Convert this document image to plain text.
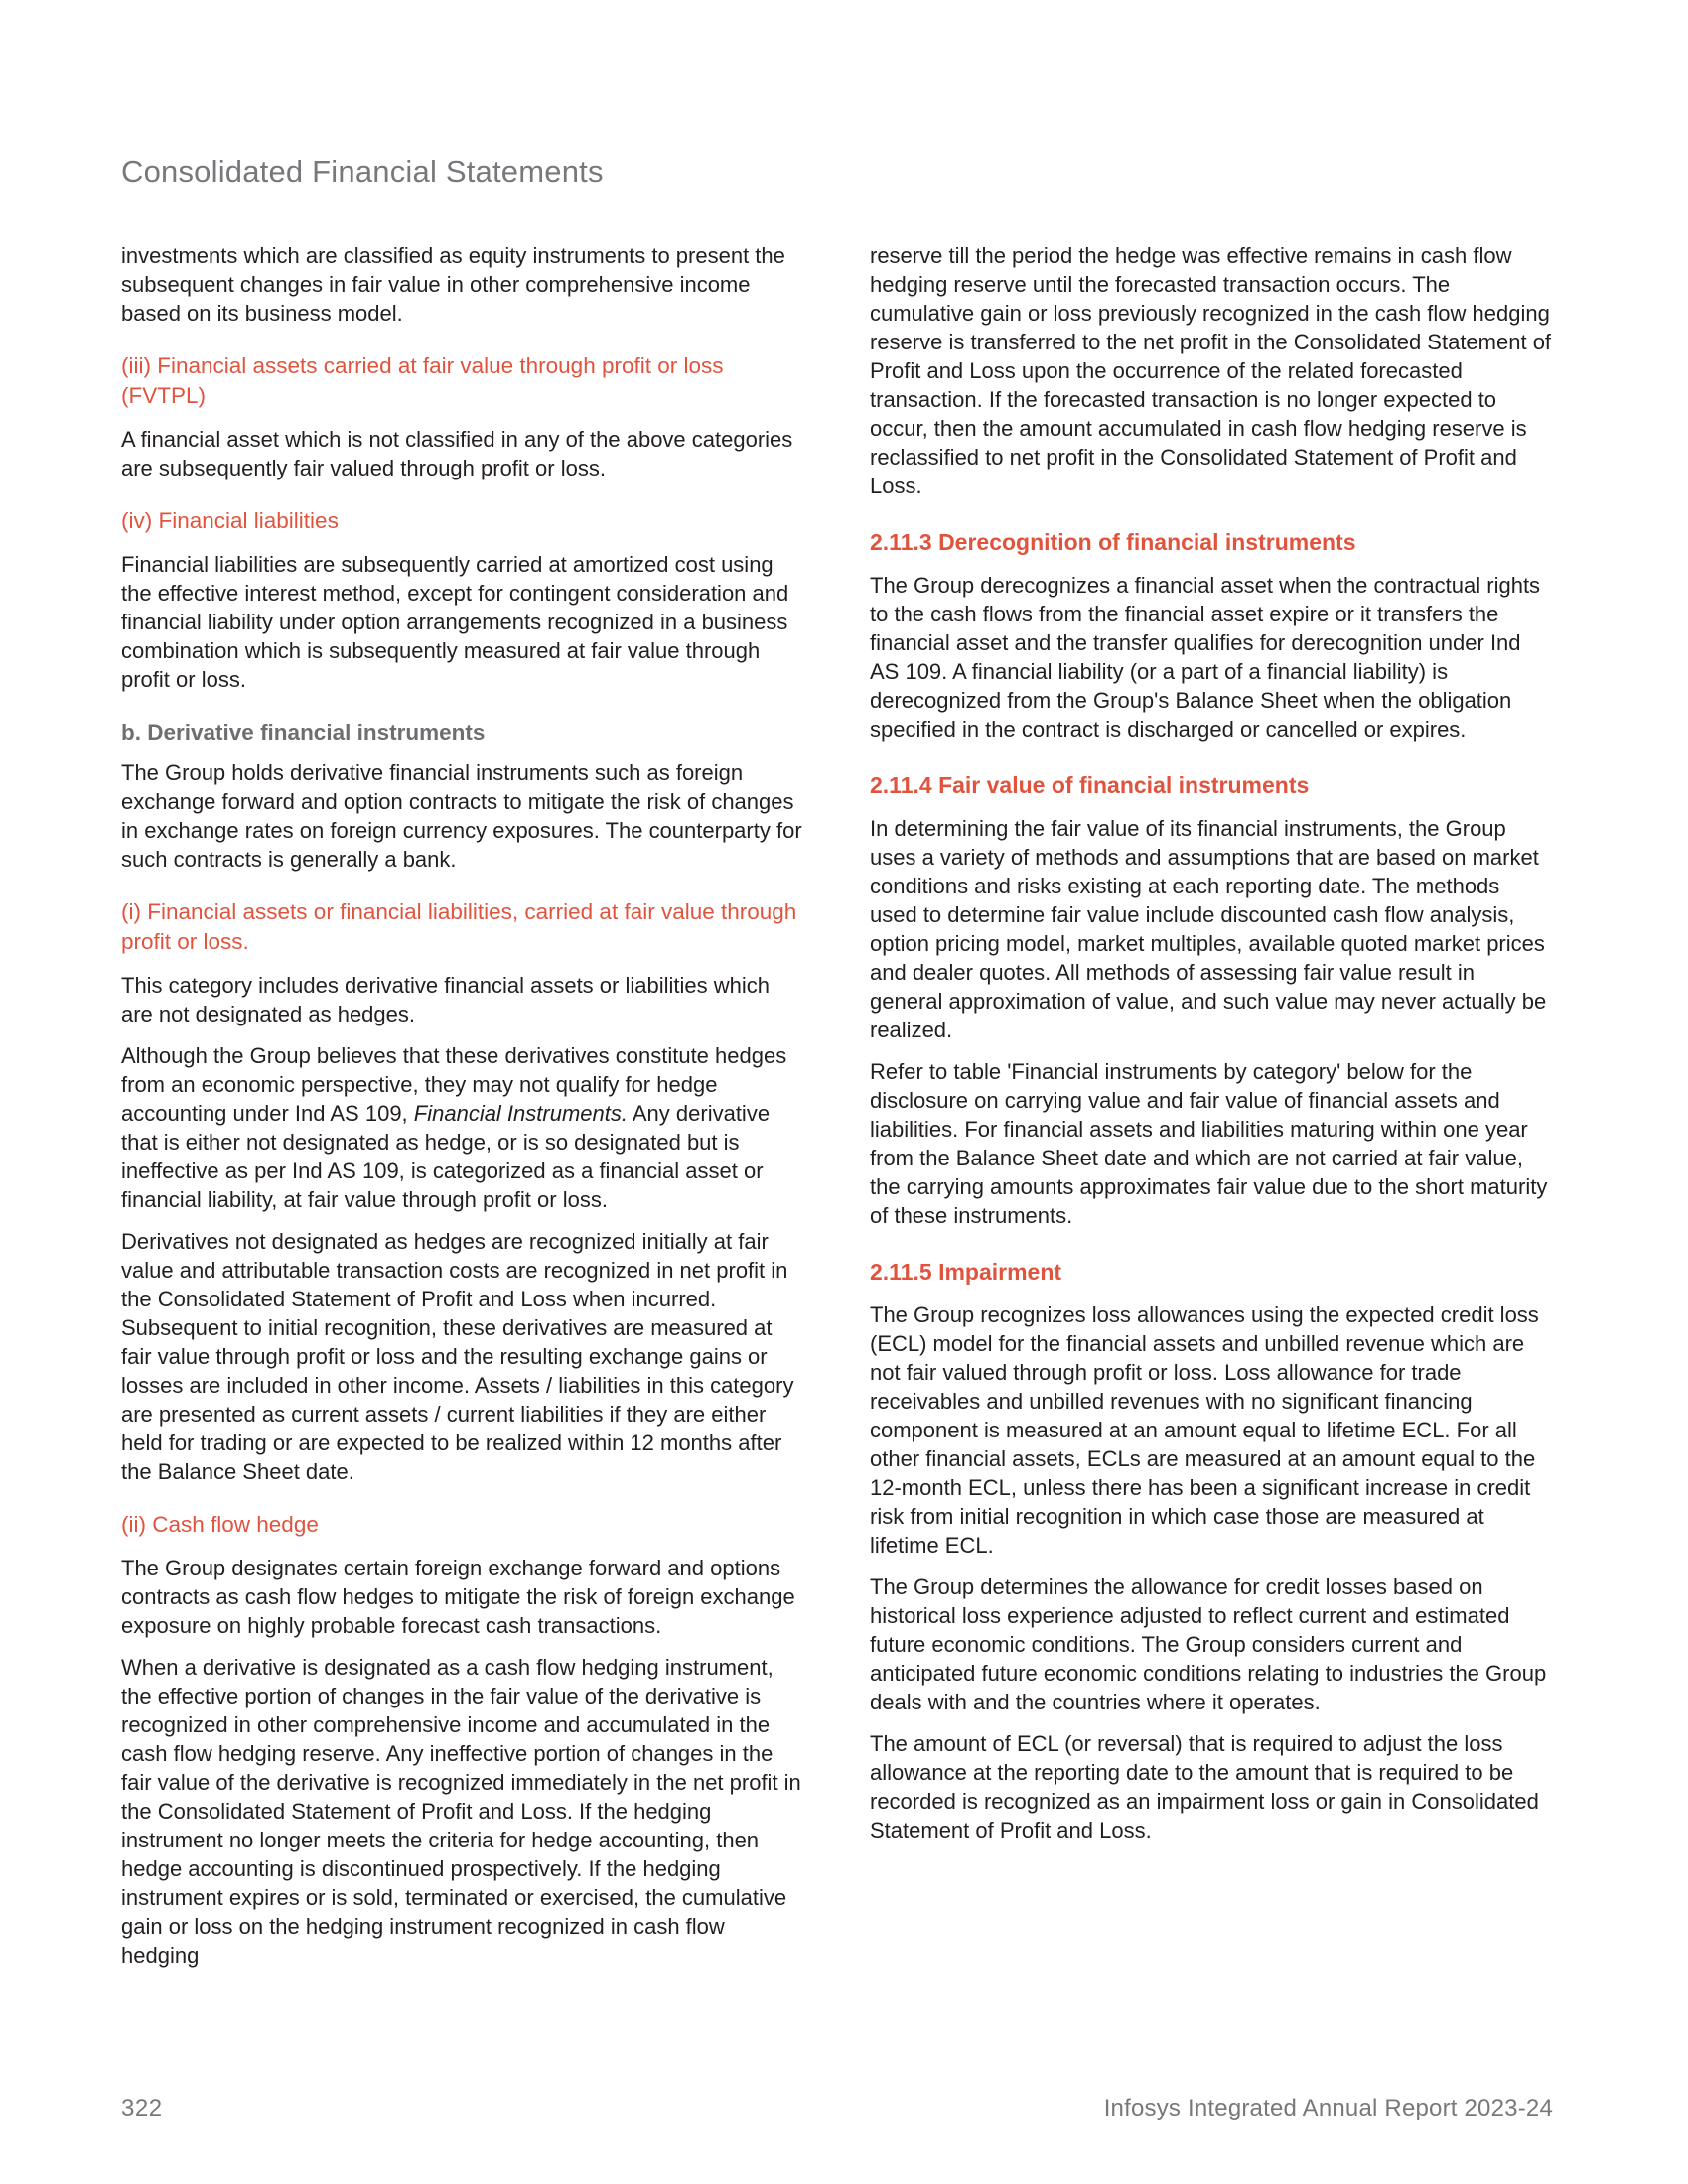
Consolidated Financial Statements

investments which are classified as equity instruments to present the subsequent changes in fair value in other comprehensive income based on its business model.

(iii) Financial assets carried at fair value through profit or loss (FVTPL)

A financial asset which is not classified in any of the above categories are subsequently fair valued through profit or loss.

(iv) Financial liabilities

Financial liabilities are subsequently carried at amortized cost using the effective interest method, except for contingent consideration and financial liability under option arrangements recognized in a business combination which is subsequently measured at fair value through profit or loss.

b. Derivative financial instruments

The Group holds derivative financial instruments such as foreign exchange forward and option contracts to mitigate the risk of changes in exchange rates on foreign currency exposures. The counterparty for such contracts is generally a bank.

(i) Financial assets or financial liabilities, carried at fair value through profit or loss.

This category includes derivative financial assets or liabilities which are not designated as hedges.

Although the Group believes that these derivatives constitute hedges from an economic perspective, they may not qualify for hedge accounting under Ind AS 109, Financial Instruments. Any derivative that is either not designated as hedge, or is so designated but is ineffective as per Ind AS 109, is categorized as a financial asset or financial liability, at fair value through profit or loss.

Derivatives not designated as hedges are recognized initially at fair value and attributable transaction costs are recognized in net profit in the Consolidated Statement of Profit and Loss when incurred. Subsequent to initial recognition, these derivatives are measured at fair value through profit or loss and the resulting exchange gains or losses are included in other income. Assets / liabilities in this category are presented as current assets / current liabilities if they are either held for trading or are expected to be realized within 12 months after the Balance Sheet date.

(ii) Cash flow hedge

The Group designates certain foreign exchange forward and options contracts as cash flow hedges to mitigate the risk of foreign exchange exposure on highly probable forecast cash transactions.

When a derivative is designated as a cash flow hedging instrument, the effective portion of changes in the fair value of the derivative is recognized in other comprehensive income and accumulated in the cash flow hedging reserve. Any ineffective portion of changes in the fair value of the derivative is recognized immediately in the net profit in the Consolidated Statement of Profit and Loss. If the hedging instrument no longer meets the criteria for hedge accounting, then hedge accounting is discontinued prospectively. If the hedging instrument expires or is sold, terminated or exercised, the cumulative gain or loss on the hedging instrument recognized in cash flow hedging

reserve till the period the hedge was effective remains in cash flow hedging reserve until the forecasted transaction occurs. The cumulative gain or loss previously recognized in the cash flow hedging reserve is transferred to the net profit in the Consolidated Statement of Profit and Loss upon the occurrence of the related forecasted transaction. If the forecasted transaction is no longer expected to occur, then the amount accumulated in cash flow hedging reserve is reclassified to net profit in the Consolidated Statement of Profit and Loss.

2.11.3 Derecognition of financial instruments

The Group derecognizes a financial asset when the contractual rights to the cash flows from the financial asset expire or it transfers the financial asset and the transfer qualifies for derecognition under Ind AS 109. A financial liability (or a part of a financial liability) is derecognized from the Group's Balance Sheet when the obligation specified in the contract is discharged or cancelled or expires.

2.11.4 Fair value of financial instruments

In determining the fair value of its financial instruments, the Group uses a variety of methods and assumptions that are based on market conditions and risks existing at each reporting date. The methods used to determine fair value include discounted cash flow analysis, option pricing model, market multiples, available quoted market prices and dealer quotes. All methods of assessing fair value result in general approximation of value, and such value may never actually be realized.

Refer to table 'Financial instruments by category' below for the disclosure on carrying value and fair value of financial assets and liabilities. For financial assets and liabilities maturing within one year from the Balance Sheet date and which are not carried at fair value, the carrying amounts approximates fair value due to the short maturity of these instruments.

2.11.5 Impairment

The Group recognizes loss allowances using the expected credit loss (ECL) model for the financial assets and unbilled revenue which are not fair valued through profit or loss. Loss allowance for trade receivables and unbilled revenues with no significant financing component is measured at an amount equal to lifetime ECL. For all other financial assets, ECLs are measured at an amount equal to the 12-month ECL, unless there has been a significant increase in credit risk from initial recognition in which case those are measured at lifetime ECL.

The Group determines the allowance for credit losses based on historical loss experience adjusted to reflect current and estimated future economic conditions. The Group considers current and anticipated future economic conditions relating to industries the Group deals with and the countries where it operates.

The amount of ECL (or reversal) that is required to adjust the loss allowance at the reporting date to the amount that is required to be recorded is recognized as an impairment loss or gain in Consolidated Statement of Profit and Loss.

322	Infosys Integrated Annual Report 2023-24
